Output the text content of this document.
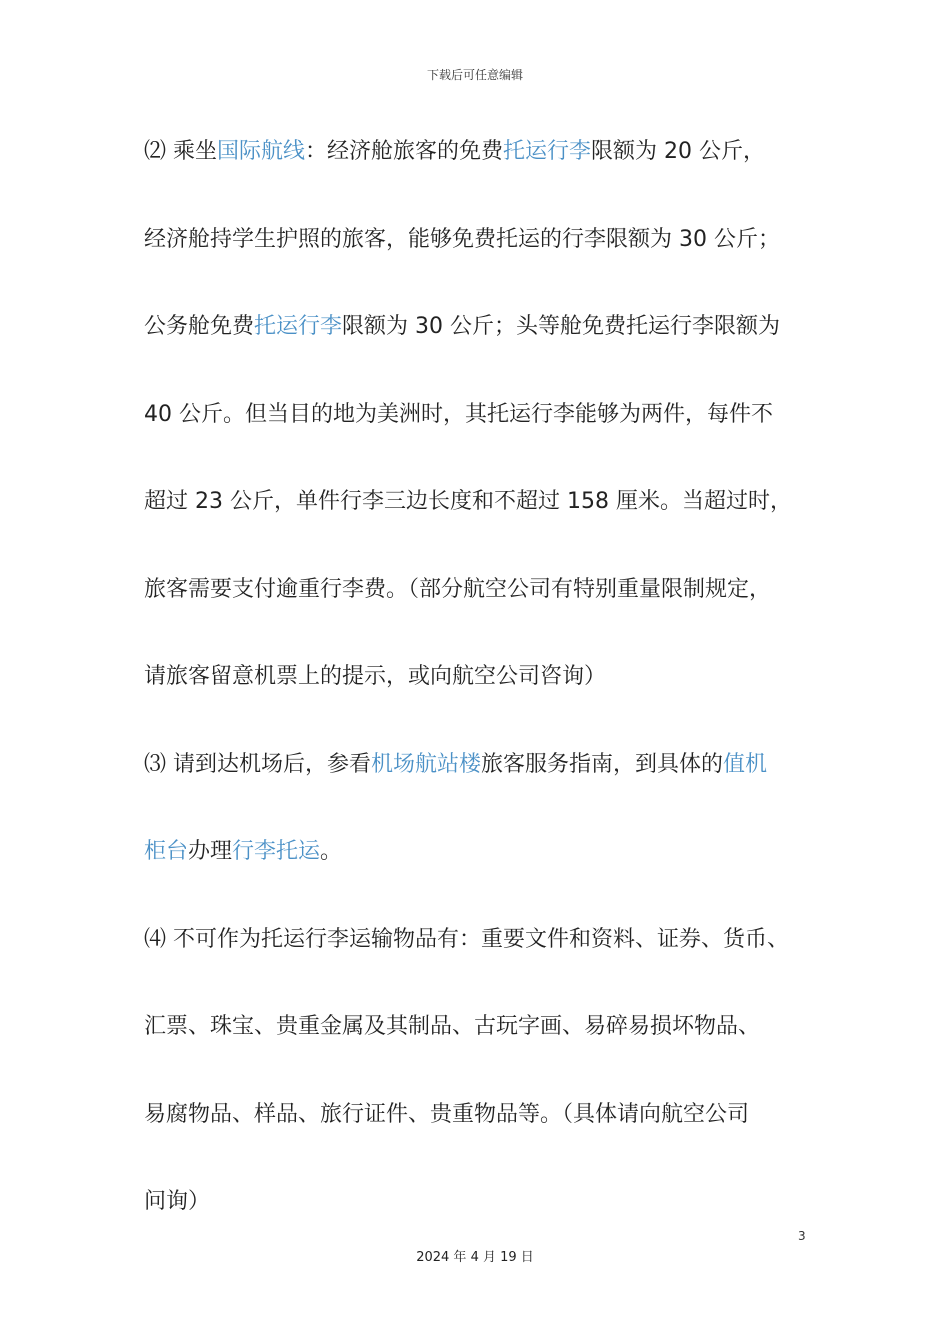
下载后可任意编辑
⑵ 乘坐国际航线：经济舱旅客的免费托运行李限额为 20 公斤，
经济舱持学生护照的旅客，能够免费托运的行李限额为 30 公斤；
公务舱免费托运行李限额为 30 公斤；头等舱免费托运行李限额为
40 公斤。但当目的地为美洲时，其托运行李能够为两件，每件不
超过 23 公斤，单件行李三边长度和不超过 158 厘米。当超过时，
旅客需要支付逾重行李费。（部分航空公司有特别重量限制规定，
请旅客留意机票上的提示，或向航空公司咨询）
⑶ 请到达机场后，参看机场航站楼旅客服务指南，到具体的值机
柜台办理行李托运。
⑷ 不可作为托运行李运输物品有：重要文件和资料、证券、货币、
汇票、珠宝、贵重金属及其制品、古玩字画、易碎易损坏物品、
易腐物品、样品、旅行证件、贵重物品等。（具体请向航空公司
问询）
3
2024 年 4 月 19 日
